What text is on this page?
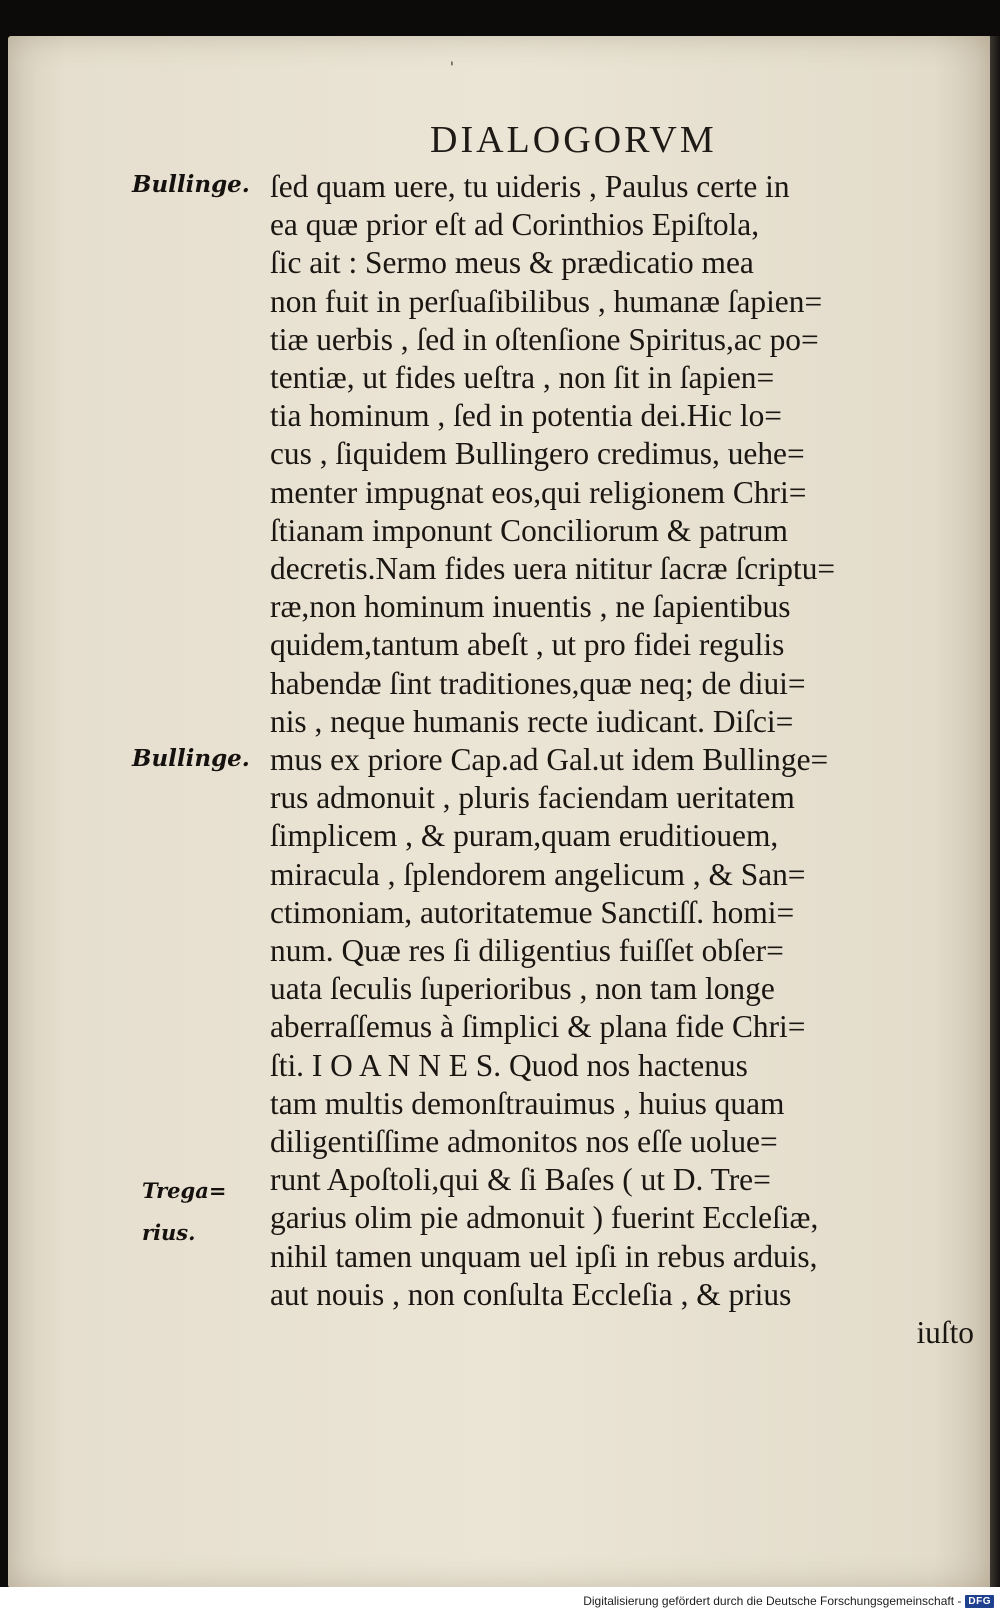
'
DIALOGORVM
Bullinge.
Bullinge.
Trega=
rius.
ſed quam uere, tu uideris , Paulus certe in
ea quæ prior eſt ad Corinthios Epiſtola,
ſic ait : Sermo meus & prædicatio mea
non fuit in perſuaſibilibus , humanæ ſapien=
tiæ uerbis , ſed in oſtenſione Spiritus,ac po=
tentiæ, ut fides ueſtra , non ſit in ſapien=
tia hominum , ſed in potentia dei.Hic lo=
cus , ſiquidem Bullingero credimus, uehe=
menter impugnat eos,qui religionem Chri=
ſtianam imponunt Conciliorum & patrum
decretis.Nam fides uera nititur ſacræ ſcriptu=
ræ,non hominum inuentis , ne ſapientibus
quidem,tantum abeſt , ut pro fidei regulis
habendæ ſint traditiones,quæ neq; de diui=
nis , neque humanis recte iudicant. Diſci=
mus ex priore Cap.ad Gal.ut idem Bullinge=
rus admonuit , pluris faciendam ueritatem
ſimplicem , & puram,quam eruditiouem,
miracula , ſplendorem angelicum , & San=
ctimoniam, autoritatemue Sanctiſſ. homi=
num. Quæ res ſi diligentius fuiſſet obſer=
uata ſeculis ſuperioribus , non tam longe
aberraſſemus à ſimplici & plana fide Chri=
ſti. I O A N N E S. Quod nos hactenus
tam multis demonſtrauimus , huius quam
diligentiſſime admonitos nos eſſe uolue=
runt Apoſtoli,qui & ſi Baſes ( ut D. Tre=
garius olim pie admonuit ) fuerint Eccleſiæ,
nihil tamen unquam uel ipſi in rebus arduis,
aut nouis , non conſulta Eccleſia , & prius
iuſto
Digitalisierung gefördert durch die Deutsche Forschungsgemeinschaft - DFG
